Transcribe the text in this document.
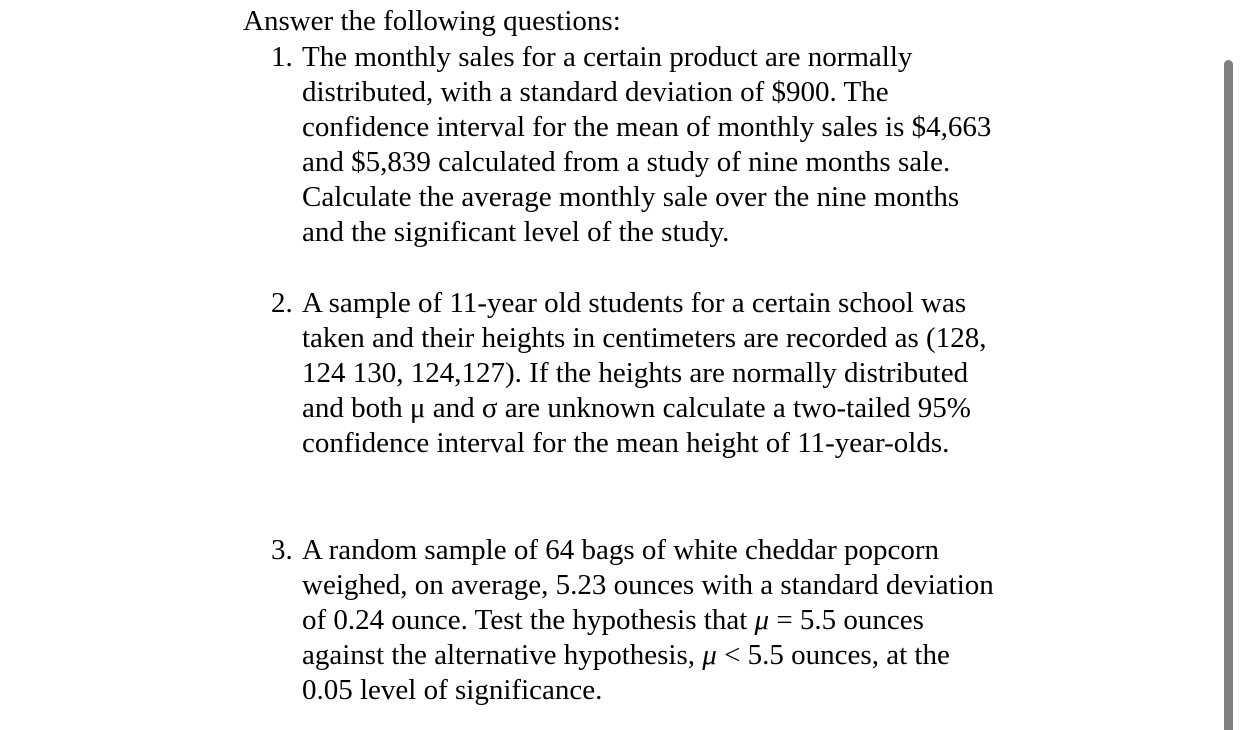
Answer the following questions:
1. The monthly sales for a certain product are normally
distributed, with a standard deviation of $900. The
confidence interval for the mean of monthly sales is $4,663
and $5,839 calculated from a study of nine months sale.
Calculate the average monthly sale over the nine months
and the significant level of the study.
2. A sample of 11-year old students for a certain school was
taken and their heights in centimeters are recorded as (128,
124 130, 124,127). If the heights are normally distributed
and both μ and σ are unknown calculate a two-tailed 95%
confidence interval for the mean height of 11-year-olds.
3. A random sample of 64 bags of white cheddar popcorn
weighed, on average, 5.23 ounces with a standard deviation
of 0.24 ounce. Test the hypothesis that μ = 5.5 ounces
against the alternative hypothesis, μ < 5.5 ounces, at the
0.05 level of significance.
